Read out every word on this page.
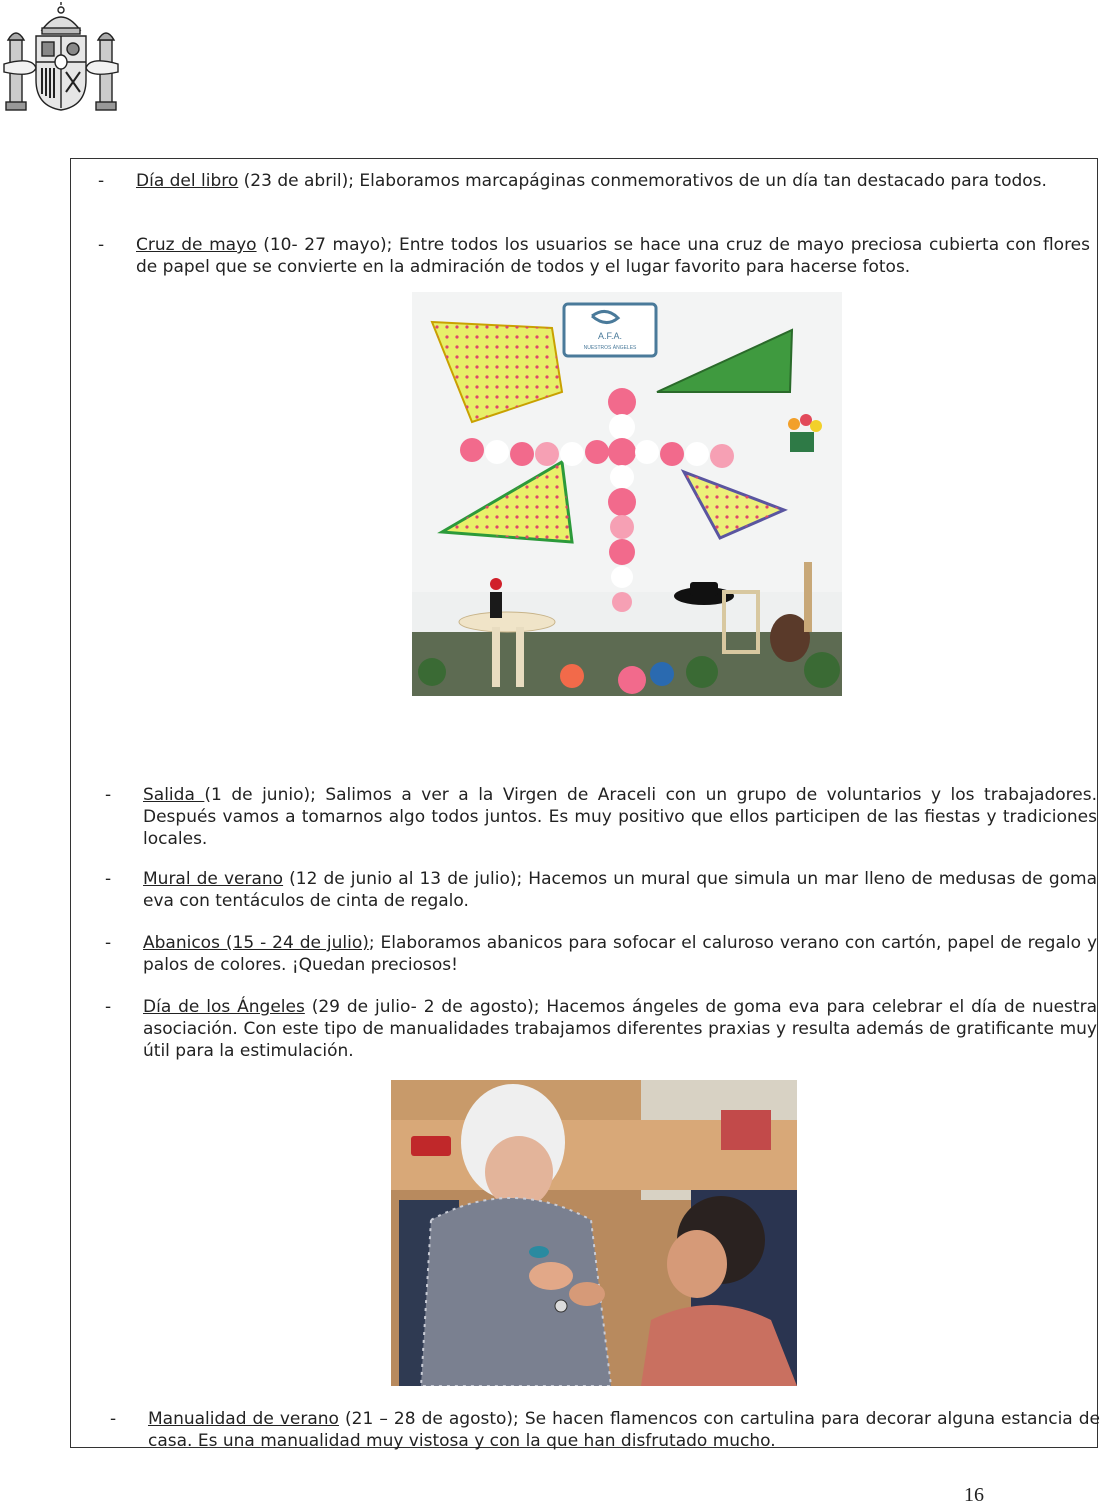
- Día del libro (23 de abril); Elaboramos marcapáginas conmemorativos de un día tan destacado para todos.

- Cruz de mayo (10- 27 mayo); Entre todos los usuarios se hace una cruz de mayo preciosa cubierta con flores de papel que se convierte en la admiración de todos y el lugar favorito para hacerse fotos.

A.F.A.
NUESTROS ÁNGELES
- Salida (1 de junio); Salimos a ver a la Virgen de Araceli con un grupo de voluntarios y los trabajadores. Después vamos a tomarnos algo todos juntos. Es muy positivo que ellos participen de las fiestas y tradiciones locales.

- Mural de verano (12 de junio al 13 de julio); Hacemos un mural que simula un mar lleno de medusas de goma eva con tentáculos de cinta de regalo.

- Abanicos (15 - 24 de julio); Elaboramos abanicos para sofocar el caluroso verano con cartón, papel de regalo y palos de colores. ¡Quedan preciosos!

- Día de los Ángeles (29 de julio- 2 de agosto); Hacemos ángeles de goma eva para celebrar el día de nuestra asociación. Con este tipo de manualidades trabajamos diferentes praxias y resulta además de gratificante muy útil para la estimulación.

- Manualidad de verano (21 – 28 de agosto); Se hacen flamencos con cartulina para decorar alguna estancia de casa. Es una manualidad muy vistosa y con la que han disfrutado mucho.

16
